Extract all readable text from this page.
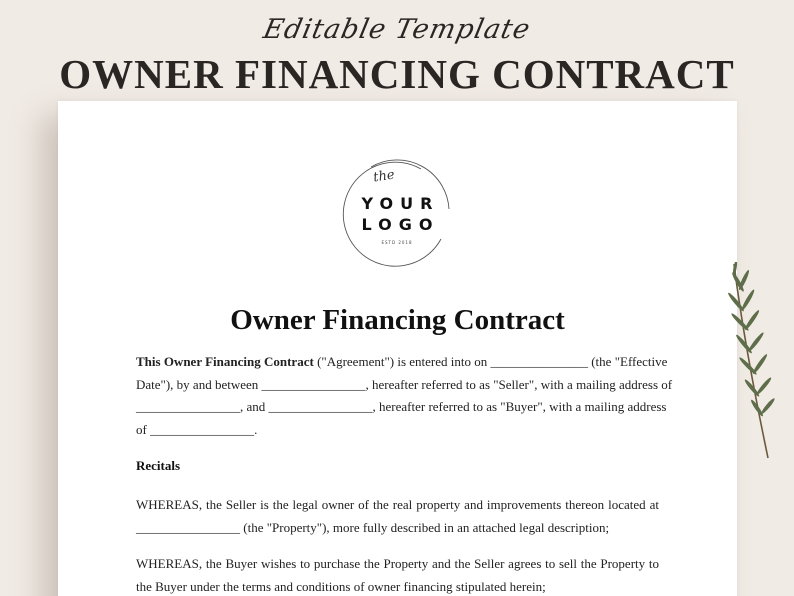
Editable Template
OWNER FINANCING CONTRACT
the
YOUR
LOGO
ESTD 2018
Owner Financing Contract
This Owner Financing Contract ("Agreement") is entered into on _______________ (the "Effective
Date"), by and between ________________, hereafter referred to as "Seller", with a mailing address of
________________, and ________________, hereafter referred to as "Buyer", with a mailing address
of ________________.
Recitals
WHEREAS, the Seller is the legal owner of the real property and improvements thereon located at ________________ (the "Property"), more fully described in an attached legal description;
WHEREAS, the Buyer wishes to purchase the Property and the Seller agrees to sell the Property to the Buyer under the terms and conditions of owner financing stipulated herein;
